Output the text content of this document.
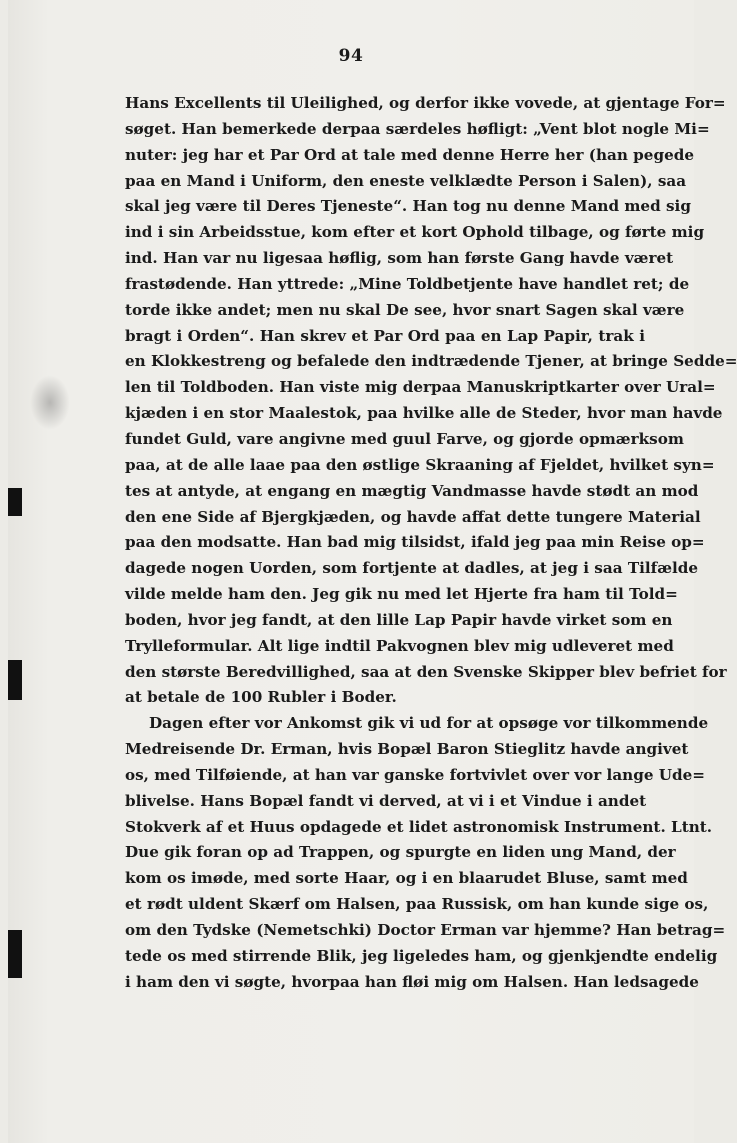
94
Hans Excellents til Uleilighed, og derfor ikke vovede, at gjentage For=
søget. Han bemerkede derpaa særdeles høfligt: „Vent blot nogle Mi=
nuter: jeg har et Par Ord at tale med denne Herre her (han pegede
paa en Mand i Uniform, den eneste velklædte Person i Salen), saa
skal jeg være til Deres Tjeneste“. Han tog nu denne Mand med sig
ind i sin Arbeidsstue, kom efter et kort Ophold tilbage, og førte mig
ind. Han var nu ligesaa høflig, som han første Gang havde været
frastødende. Han yttrede: „Mine Toldbetjente have handlet ret; de
torde ikke andet; men nu skal De see, hvor snart Sagen skal være
bragt i Orden“. Han skrev et Par Ord paa en Lap Papir, trak i
en Klokkestreng og befalede den indtrædende Tjener, at bringe Sedde=
len til Toldboden. Han viste mig derpaa Manuskriptkarter over Ural=
kjæden i en stor Maalestok, paa hvilke alle de Steder, hvor man havde
fundet Guld, vare angivne med guul Farve, og gjorde opmærksom
paa, at de alle laae paa den østlige Skraaning af Fjeldet, hvilket syn=
tes at antyde, at engang en mægtig Vandmasse havde stødt an mod
den ene Side af Bjergkjæden, og havde affat dette tungere Material
paa den modsatte. Han bad mig tilsidst, ifald jeg paa min Reise op=
dagede nogen Uorden, som fortjente at dadles, at jeg i saa Tilfælde
vilde melde ham den. Jeg gik nu med let Hjerte fra ham til Told=
boden, hvor jeg fandt, at den lille Lap Papir havde virket som en
Trylleformular. Alt lige indtil Pakvognen blev mig udleveret med
den største Beredvillighed, saa at den Svenske Skipper blev befriet for
at betale de 100 Rubler i Boder.
Dagen efter vor Ankomst gik vi ud for at opsøge vor tilkommende
Medreisende Dr. Erman, hvis Bopæl Baron Stieglitz havde angivet
os, med Tilføiende, at han var ganske fortvivlet over vor lange Ude=
blivelse. Hans Bopæl fandt vi derved, at vi i et Vindue i andet
Stokverk af et Huus opdagede et lidet astronomisk Instrument. Ltnt.
Due gik foran op ad Trappen, og spurgte en liden ung Mand, der
kom os imøde, med sorte Haar, og i en blaarudet Bluse, samt med
et rødt uldent Skærf om Halsen, paa Russisk, om han kunde sige os,
om den Tydske (Nemetschki) Doctor Erman var hjemme? Han betrag=
tede os med stirrende Blik, jeg ligeledes ham, og gjenkjendte endelig
i ham den vi søgte, hvorpaa han fløi mig om Halsen. Han ledsagede
